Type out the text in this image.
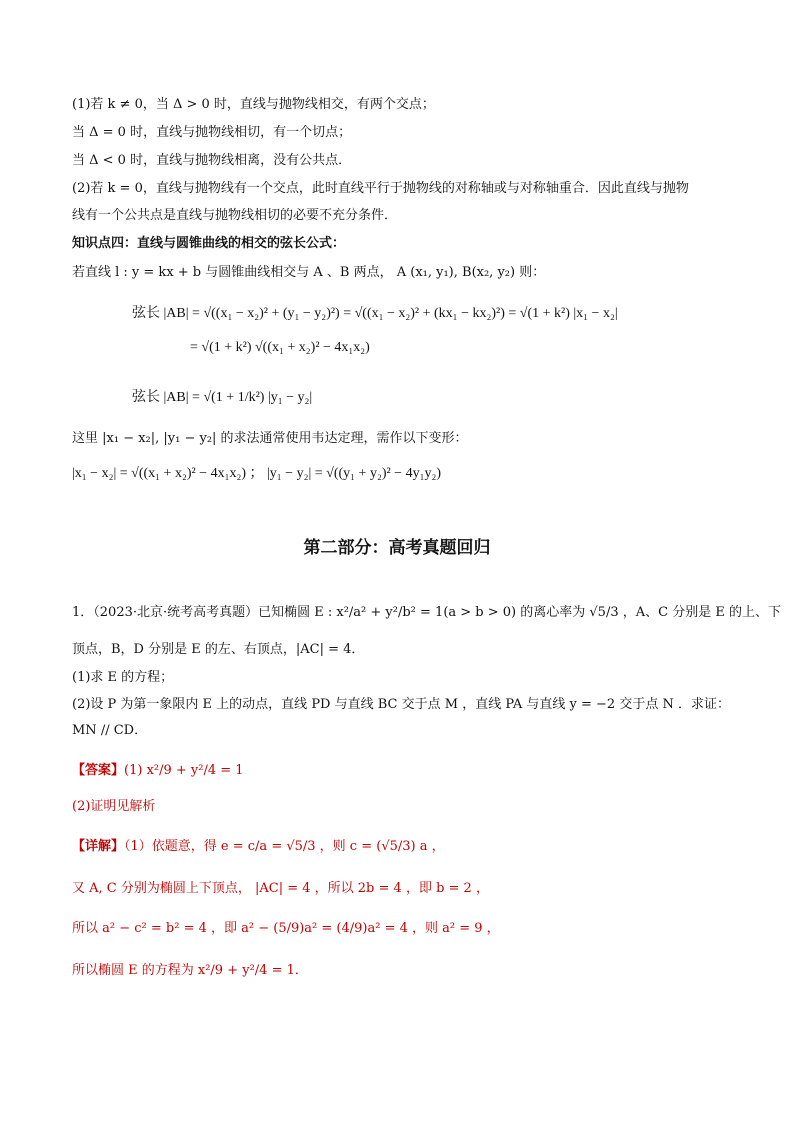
(1)若 k ≠ 0，当 Δ > 0 时，直线与抛物线相交，有两个交点；
当 Δ = 0 时，直线与抛物线相切，有一个切点；
当 Δ < 0 时，直线与抛物线相离，没有公共点．
(2)若 k = 0，直线与抛物线有一个交点，此时直线平行于抛物线的对称轴或与对称轴重合．因此直线与抛物
线有一个公共点是直线与抛物线相切的必要不充分条件．
知识点四：直线与圆锥曲线的相交的弦长公式：
若直线 l : y = kx + b 与圆锥曲线相交与 A 、B 两点， A (x₁, y₁), B(x₂, y₂) 则：
弦长 |AB| = √((x₁ − x₂)² + (y₁ − y₂)²) = √((x₁ − x₂)² + (kx₁ − kx₂)²) = √(1 + k²) |x₁ − x₂|
= √(1 + k²) √((x₁ + x₂)² − 4x₁x₂)
弦长 |AB| = √(1 + 1/k²) |y₁ − y₂|
这里 |x₁ − x₂|, |y₁ − y₂| 的求法通常使用韦达定理，需作以下变形：
|x₁ − x₂| = √((x₁ + x₂)² − 4x₁x₂) ； |y₁ − y₂| = √((y₁ + y₂)² − 4y₁y₂)
第二部分：高考真题回归
1．（2023·北京·统考高考真题）已知椭圆 E : x²/a² + y²/b² = 1(a > b > 0) 的离心率为 √5/3 ，A、C 分别是 E 的上、下
顶点，B，D 分别是 E 的左、右顶点，|AC| = 4．
(1)求 E 的方程；
(2)设 P 为第一象限内 E 上的动点，直线 PD 与直线 BC 交于点 M ，直线 PA 与直线 y = −2 交于点 N ．求证：
MN // CD．
【答案】(1) x²/9 + y²/4 = 1
(2)证明见解析
【详解】（1）依题意，得 e = c/a = √5/3 ，则 c = (√5/3) a ，
又 A, C 分别为椭圆上下顶点， |AC| = 4 ，所以 2b = 4 ，即 b = 2 ，
所以 a² − c² = b² = 4 ，即 a² − (5/9)a² = (4/9)a² = 4 ，则 a² = 9 ，
所以椭圆 E 的方程为 x²/9 + y²/4 = 1．
